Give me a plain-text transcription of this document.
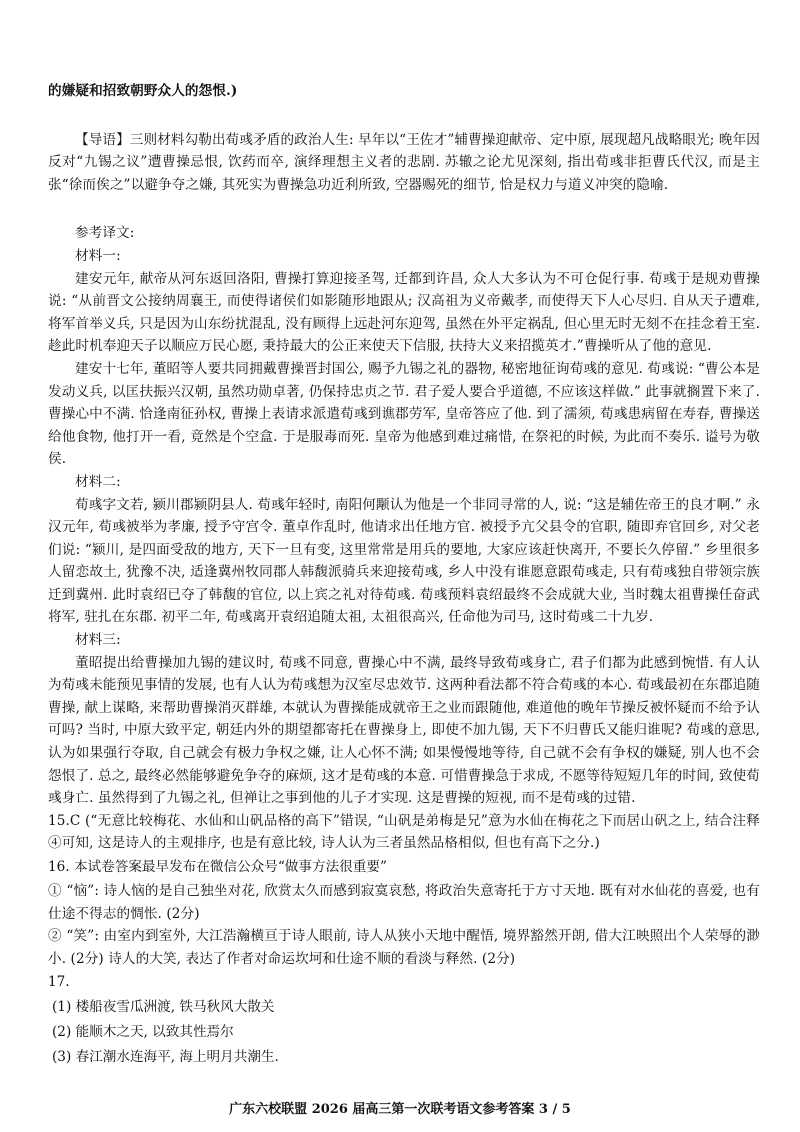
的嫌疑和招致朝野众人的怨恨.)

【导语】三则材料勾勒出荀彧矛盾的政治人生: 早年以“王佐才”辅曹操迎献帝、定中原, 展现超凡战略眼光; 晚年因反对“九锡之议”遭曹操忌恨, 饮药而卒, 演绎理想主义者的悲剧. 苏辙之论尤见深刻, 指出荀彧非拒曹氏代汉, 而是主张“徐而俟之”以避争夺之嫌, 其死实为曹操急功近利所致, 空器赐死的细节, 恰是权力与道义冲突的隐喻.

参考译文:

材料一:

建安元年, 献帝从河东返回洛阳, 曹操打算迎接圣驾, 迁都到许昌, 众人大多认为不可仓促行事. 荀彧于是规劝曹操说: “从前晋文公接纳周襄王, 而使得诸侯们如影随形地跟从; 汉高祖为义帝戴孝, 而使得天下人心尽归. 自从天子遭难, 将军首举义兵, 只是因为山东纷扰混乱, 没有顾得上远赴河东迎驾, 虽然在外平定祸乱, 但心里无时无刻不在挂念着王室. 趁此时机奉迎天子以顺应万民心愿, 秉持最大的公正来使天下信服, 扶持大义来招揽英才.”曹操听从了他的意见.

建安十七年, 董昭等人要共同拥戴曹操晋封国公, 赐予九锡之礼的器物, 秘密地征询荀彧的意见. 荀彧说: “曹公本是发动义兵, 以匡扶振兴汉朝, 虽然功勋卓著, 仍保持忠贞之节. 君子爱人要合乎道德, 不应该这样做.” 此事就搁置下来了. 曹操心中不满. 恰逢南征孙权, 曹操上表请求派遣荀彧到谯郡劳军, 皇帝答应了他. 到了濡须, 荀彧患病留在寿春, 曹操送给他食物, 他打开一看, 竟然是个空盒. 于是服毒而死. 皇帝为他感到难过痛惜, 在祭祀的时候, 为此而不奏乐. 谥号为敬侯.

材料二:

荀彧字文若, 颍川郡颍阴县人. 荀彧年轻时, 南阳何颙认为他是一个非同寻常的人, 说: “这是辅佐帝王的良才啊.” 永汉元年, 荀彧被举为孝廉, 授予守宫令. 董卓作乱时, 他请求出任地方官. 被授予亢父县令的官职, 随即弃官回乡, 对父老们说: “颍川, 是四面受敌的地方, 天下一旦有变, 这里常常是用兵的要地, 大家应该赶快离开, 不要长久停留.” 乡里很多人留恋故土, 犹豫不决, 适逢冀州牧同郡人韩馥派骑兵来迎接荀彧, 乡人中没有谁愿意跟荀彧走, 只有荀彧独自带领宗族迁到冀州. 此时袁绍已夺了韩馥的官位, 以上宾之礼对待荀彧. 荀彧预料袁绍最终不会成就大业, 当时魏太祖曹操任奋武将军, 驻扎在东郡. 初平二年, 荀彧离开袁绍追随太祖, 太祖很高兴, 任命他为司马, 这时荀彧二十九岁.

材料三:

董昭提出给曹操加九锡的建议时, 荀彧不同意, 曹操心中不满, 最终导致荀彧身亡, 君子们都为此感到惋惜. 有人认为荀彧未能预见事情的发展, 也有人认为荀彧想为汉室尽忠效节. 这两种看法都不符合荀彧的本心. 荀彧最初在东郡追随曹操, 献上谋略, 来帮助曹操消灭群雄, 本就认为曹操能成就帝王之业而跟随他, 难道他的晚年节操反被怀疑而不给予认可吗? 当时, 中原大致平定, 朝廷内外的期望都寄托在曹操身上, 即使不加九锡, 天下不归曹氏又能归谁呢? 荀彧的意思, 认为如果强行夺取, 自己就会有极力争权之嫌, 让人心怀不满; 如果慢慢地等待, 自己就不会有争权的嫌疑, 别人也不会怨恨了. 总之, 最终必然能够避免争夺的麻烦, 这才是荀彧的本意. 可惜曹操急于求成, 不愿等待短短几年的时间, 致使荀彧身亡. 虽然得到了九锡之礼, 但禅让之事到他的儿子才实现. 这是曹操的短视, 而不是荀彧的过错.

15.C (“无意比较梅花、水仙和山矾品格的高下”错误, “山矾是弟梅是兄”意为水仙在梅花之下而居山矾之上, 结合注释④可知, 这是诗人的主观排序, 也是有意比较, 诗人认为三者虽然品格相似, 但也有高下之分.)

16. 本试卷答案最早发布在微信公众号“做事方法很重要”

① “恼”: 诗人恼的是自己独坐对花, 欣赏太久而感到寂寞哀愁, 将政治失意寄托于方寸天地. 既有对水仙花的喜爱, 也有仕途不得志的惆怅. (2分)

② “笑”: 由室内到室外, 大江浩瀚横亘于诗人眼前, 诗人从狭小天地中醒悟, 境界豁然开朗, 借大江映照出个人荣辱的渺小. (2分) 诗人的大笑, 表达了作者对命运坎坷和仕途不顺的看淡与释然. (2分)

17.

(1) 楼船夜雪瓜洲渡, 铁马秋风大散关

(2) 能顺木之天, 以致其性焉尔

(3) 春江潮水连海平, 海上明月共潮生.

广东六校联盟 2026 届高三第一次联考语文参考答案 3 / 5
